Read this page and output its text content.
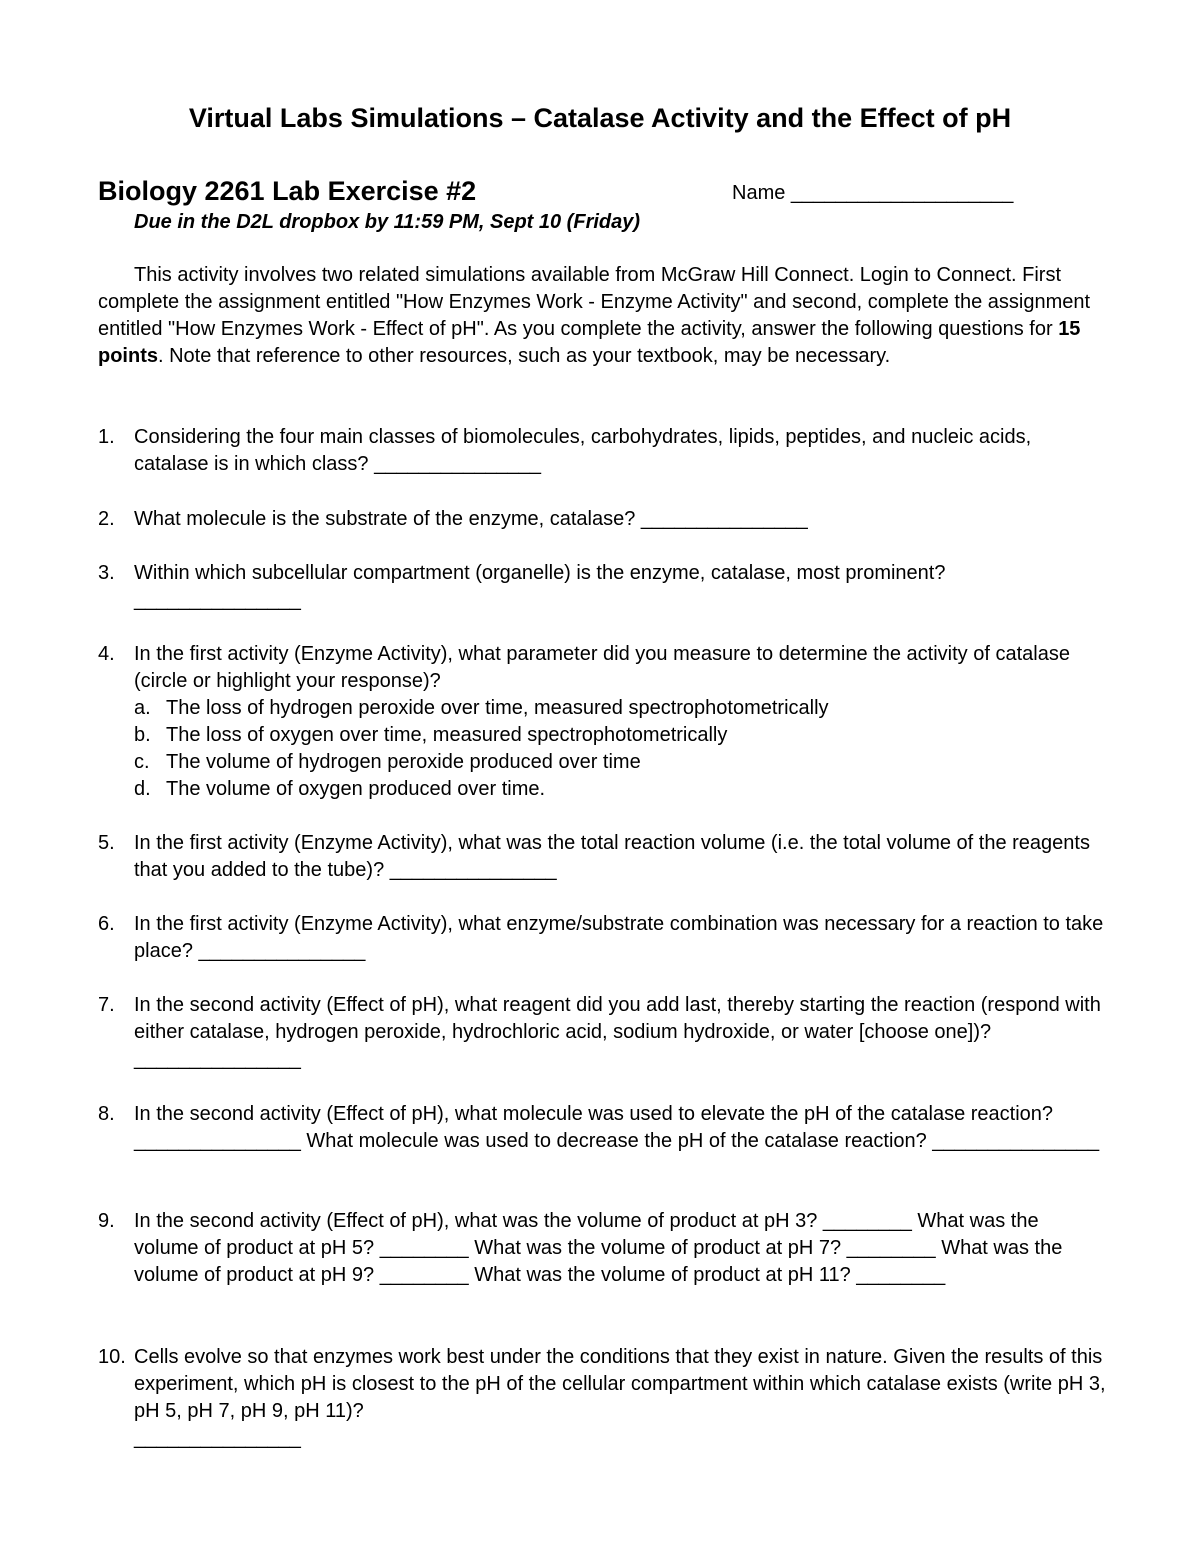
Virtual Labs Simulations – Catalase Activity and the Effect of pH
Biology 2261 Lab Exercise #2	Name ____________________
Due in the D2L dropbox by 11:59 PM, Sept 10 (Friday)
This activity involves two related simulations available from McGraw Hill Connect. Login to Connect. First complete the assignment entitled "How Enzymes Work - Enzyme Activity" and second, complete the assignment entitled "How Enzymes Work - Effect of pH". As you complete the activity, answer the following questions for 15 points. Note that reference to other resources, such as your textbook, may be necessary.
1. Considering the four main classes of biomolecules, carbohydrates, lipids, peptides, and nucleic acids, catalase is in which class? _______________
2. What molecule is the substrate of the enzyme, catalase? _______________
3. Within which subcellular compartment (organelle) is the enzyme, catalase, most prominent?
_______________
4. In the first activity (Enzyme Activity), what parameter did you measure to determine the activity of catalase (circle or highlight your response)?
a. The loss of hydrogen peroxide over time, measured spectrophotometrically
b. The loss of oxygen over time, measured spectrophotometrically
c. The volume of hydrogen peroxide produced over time
d. The volume of oxygen produced over time.
5. In the first activity (Enzyme Activity), what was the total reaction volume (i.e. the total volume of the reagents that you added to the tube)? _______________
6. In the first activity (Enzyme Activity), what enzyme/substrate combination was necessary for a reaction to take place? _______________
7. In the second activity (Effect of pH), what reagent did you add last, thereby starting the reaction (respond with either catalase, hydrogen peroxide, hydrochloric acid, sodium hydroxide, or water [choose one])? _______________
8. In the second activity (Effect of pH), what molecule was used to elevate the pH of the catalase reaction? _______________ What molecule was used to decrease the pH of the catalase reaction? _______________
9. In the second activity (Effect of pH), what was the volume of product at pH 3? ________ What was the volume of product at pH 5? ________ What was the volume of product at pH 7? ________ What was the volume of product at pH 9? ________ What was the volume of product at pH 11? ________
10. Cells evolve so that enzymes work best under the conditions that they exist in nature. Given the results of this experiment, which pH is closest to the pH of the cellular compartment within which catalase exists (write pH 3, pH 5, pH 7, pH 9, pH 11)?
_______________
